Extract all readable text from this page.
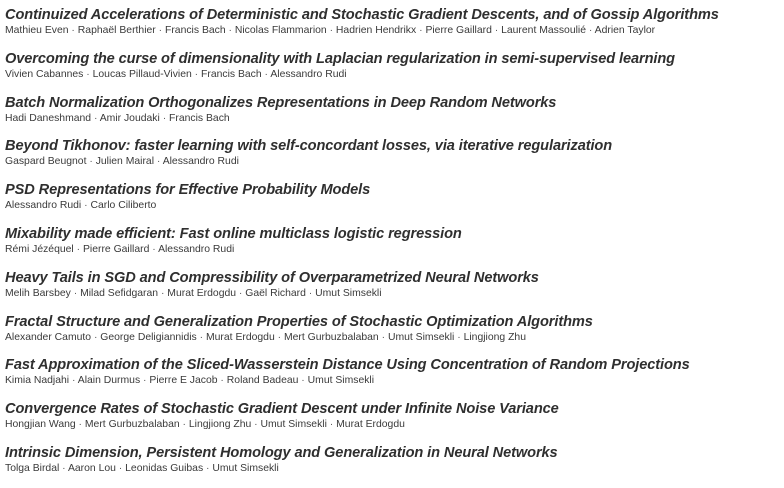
Continuized Accelerations of Deterministic and Stochastic Gradient Descents, and of Gossip Algorithms
Mathieu Even · Raphaël Berthier · Francis Bach · Nicolas Flammarion · Hadrien Hendrikx · Pierre Gaillard · Laurent Massoulié · Adrien Taylor
Overcoming the curse of dimensionality with Laplacian regularization in semi-supervised learning
Vivien Cabannes · Loucas Pillaud-Vivien · Francis Bach · Alessandro Rudi
Batch Normalization Orthogonalizes Representations in Deep Random Networks
Hadi Daneshmand · Amir Joudaki · Francis Bach
Beyond Tikhonov: faster learning with self-concordant losses, via iterative regularization
Gaspard Beugnot · Julien Mairal · Alessandro Rudi
PSD Representations for Effective Probability Models
Alessandro Rudi · Carlo Ciliberto
Mixability made efficient: Fast online multiclass logistic regression
Rémi Jézéquel · Pierre Gaillard · Alessandro Rudi
Heavy Tails in SGD and Compressibility of Overparametrized Neural Networks
Melih Barsbey · Milad Sefidgaran · Murat Erdogdu · Gaël Richard · Umut Simsekli
Fractal Structure and Generalization Properties of Stochastic Optimization Algorithms
Alexander Camuto · George Deligiannidis · Murat Erdogdu · Mert Gurbuzbalaban · Umut Simsekli · Lingjiong Zhu
Fast Approximation of the Sliced-Wasserstein Distance Using Concentration of Random Projections
Kimia Nadjahi · Alain Durmus · Pierre E Jacob · Roland Badeau · Umut Simsekli
Convergence Rates of Stochastic Gradient Descent under Infinite Noise Variance
Hongjian Wang · Mert Gurbuzbalaban · Lingjiong Zhu · Umut Simsekli · Murat Erdogdu
Intrinsic Dimension, Persistent Homology and Generalization in Neural Networks
Tolga Birdal · Aaron Lou · Leonidas Guibas · Umut Simsekli
